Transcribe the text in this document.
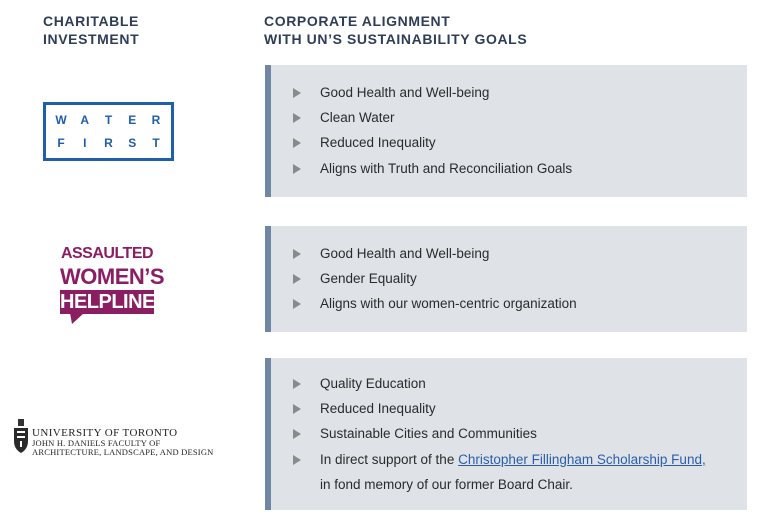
CHARITABLE
INVESTMENT
CORPORATE ALIGNMENT
WITH UN’S SUSTAINABILITY GOALS
W A T E R
F	I	R S T
Good Health and Well-being
Clean Water
Reduced Inequality
Aligns with Truth and Reconciliation Goals
ASSAULTED
WOMEN’S
HELPLINE
Good Health and Well-being
Gender Equality
Aligns with our women-centric organization
UNIVERSITY OF TORONTO
JOHN H. DANIELS FACULTY OF
ARCHITECTURE, LANDSCAPE, AND DESIGN
Quality Education
Reduced Inequality
Sustainable Cities and Communities
In direct support of the Christopher Fillingham Scholarship Fund,
in fond memory of our former Board Chair.
